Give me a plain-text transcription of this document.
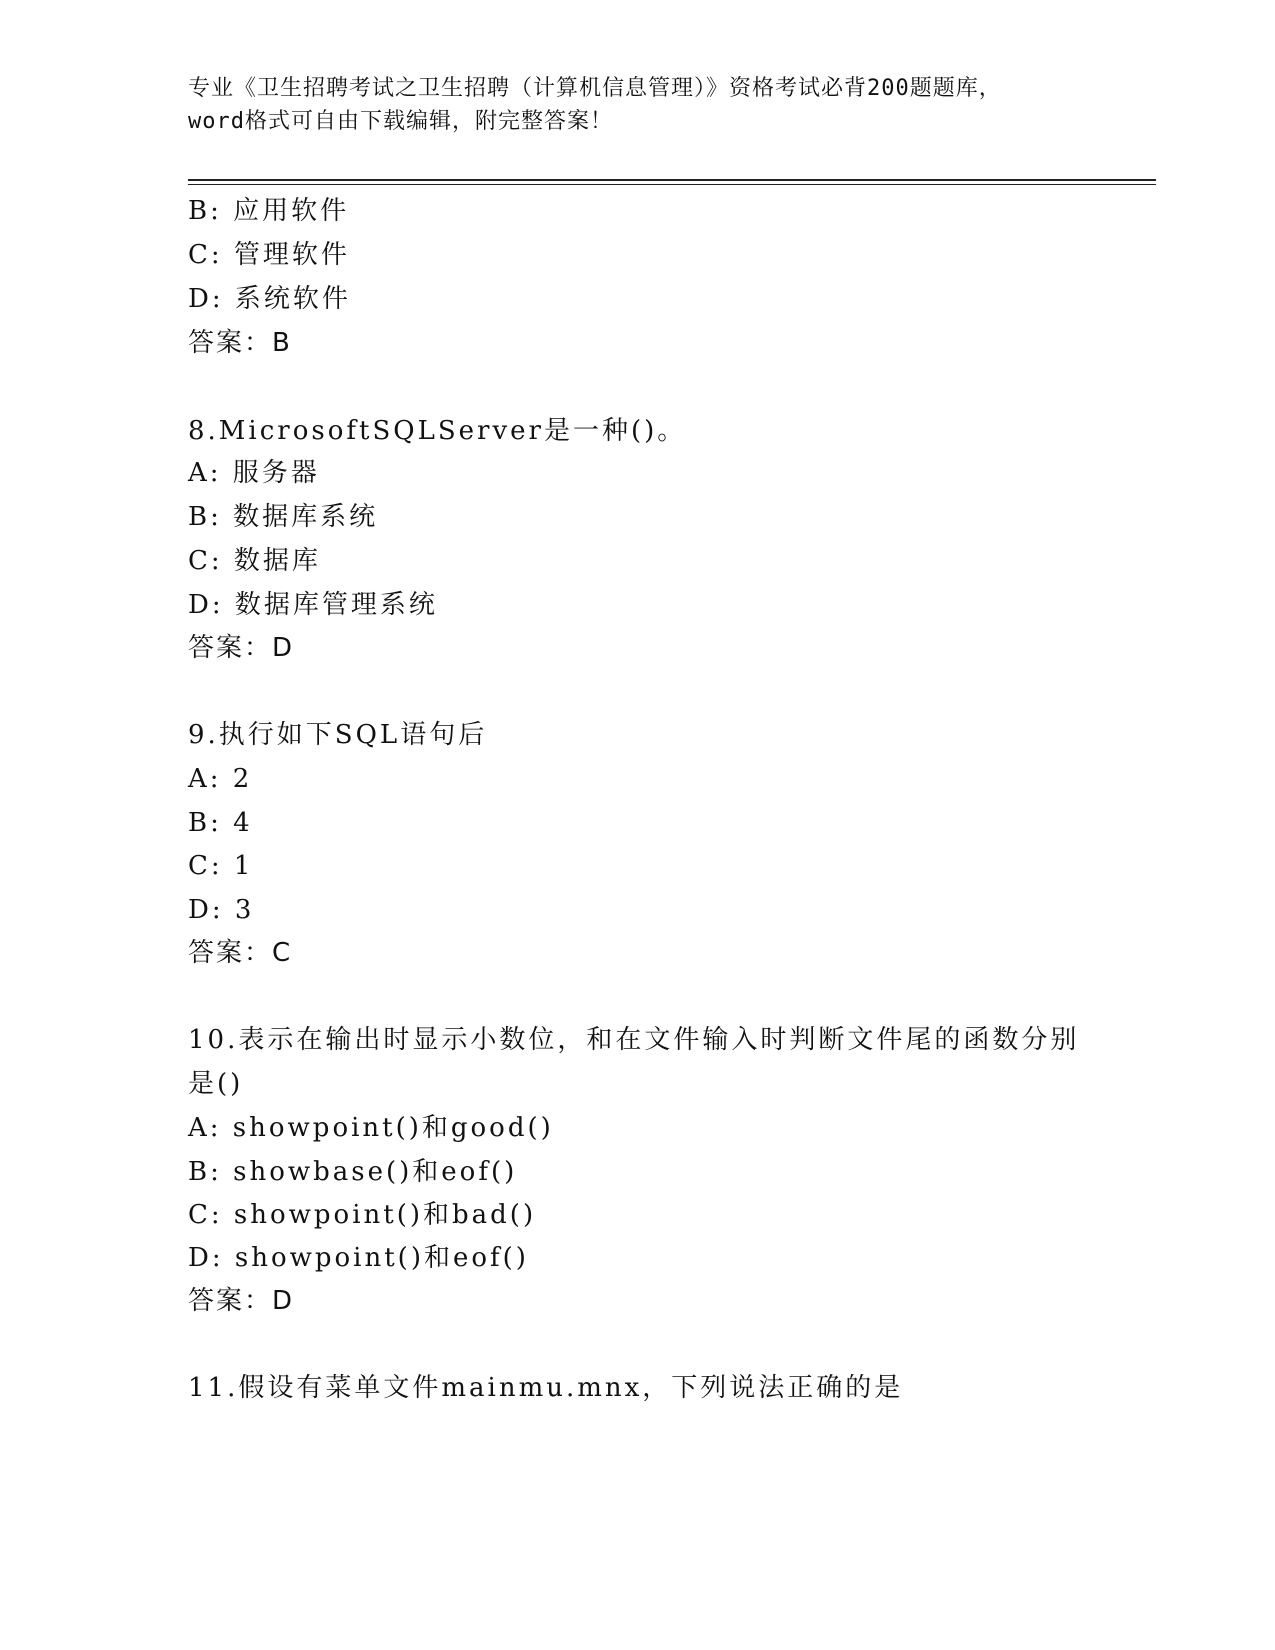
专业《卫生招聘考试之卫生招聘（计算机信息管理）》资格考试必背200题题库，
word格式可自由下载编辑，附完整答案！
B: 应用软件
C: 管理软件
D: 系统软件
答案：B
8.MicrosoftSQLServer是一种()。
A: 服务器
B: 数据库系统
C: 数据库
D: 数据库管理系统
答案：D
9.执行如下SQL语句后
A: 2
B: 4
C: 1
D: 3
答案：C
10.表示在输出时显示小数位，和在文件输入时判断文件尾的函数分别
是()
A: showpoint()和good()
B: showbase()和eof()
C: showpoint()和bad()
D: showpoint()和eof()
答案：D
11.假设有菜单文件mainmu.mnx，下列说法正确的是
